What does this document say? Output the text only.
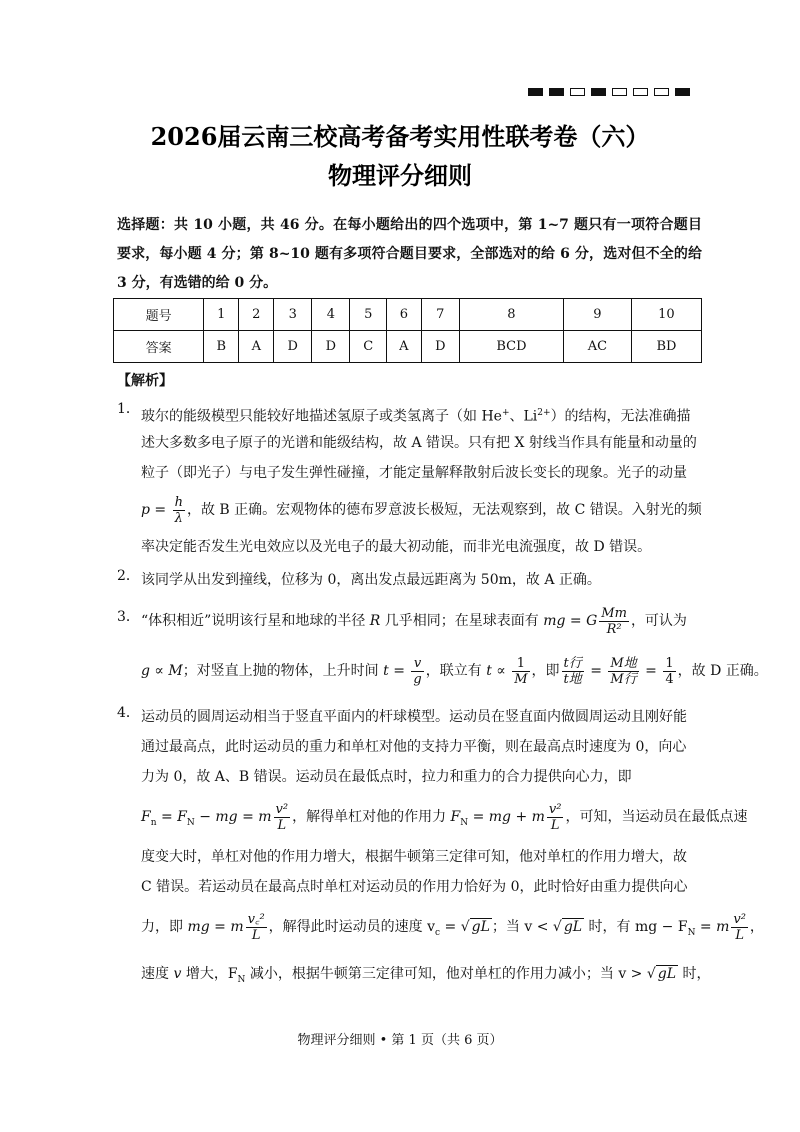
2026届云南三校高考备考实用性联考卷（六）
物理评分细则
选择题：共 10 小题，共 46 分。在每小题给出的四个选项中，第 1~7 题只有一项符合题目要求，每小题 4 分；第 8~10 题有多项符合题目要求，全部选对的给 6 分，选对但不全的给 3 分，有选错的给 0 分。
题号	1	2	3	4	5	6	7	8	9	10
答案	B	A	D	D	C	A	D	BCD	AC	BD
【解析】
1． 玻尔的能级模型只能较好地描述氢原子或类氢离子（如 He+、$Li^{2+}$）的结构，无法准确描
述大多数多电子原子的光谱和能级结构，故 A 错误。只有把 X 射线当作具有能量和动量的
粒子（即光子）与电子发生弹性碰撞，才能定量解释散射后波长变长的现象。光子的动量
$p = \frac{h}{\lambda}$ ，故 B 正确。宏观物体的德布罗意波长极短，无法观察到，故 C 错误。入射光的频
率决定能否发生光电效应以及光电子的最大初动能，而非光电流强度，故 D 错误。
2． 该同学从出发到撞线，位移为 0，离出发点最远距离为 50m，故 A 正确。
3． “体积相近”说明该行星和地球的半径 R 几乎相同；在星球表面有 mg = G $\frac{Mm}{\text{R²}}$ ，可认为
g ∝ M；对竖直上抛的物体，上升时间 $t = \frac{v}{g}$ ，联立有 $t \propto \frac{1}{M}$ ，即 $\frac{\text{t行}}{\text{t地}} = \frac{\text{M地}}{\text{M行}} = \frac{1}{4}$ ，故 D 正确。
4． 运动员的圆周运动相当于竖直平面内的杆球模型。运动员在竖直面内做圆周运动且刚好能
通过最高点，此时运动员的重力和单杠对他的支持力平衡，则在最高点时速度为 0，向心
力为 0，故 A、B 错误。运动员在最低点时，拉力和重力的合力提供向心力，即
$F_n = F_N$ − mg = m $\frac{\text{v²}}{L}$ ，解得单杠对他的作用力 $F_N$ = mg + m $\frac{\text{v²}}{L}$ ，可知，当运动员在最低点速
度变大时，单杠对他的作用力增大，根据牛顿第三定律可知，他对单杠的作用力增大，故
C 错误。若运动员在最高点时单杠对运动员的作用力恰好为 0，此时恰好由重力提供向心
力，即 mg = m $\frac{\text{v꜀²}}{L}$ ，解得此时运动员的速度 $v_c$ = √ gL ；当 v < √ gL 时，有 mg − $F_N = m \frac{\text{v²}}{L}$ ，
速度 v 增大，$F_N$ 减小，根据牛顿第三定律可知，他对单杠的作用力减小；当 v > √ gL 时，
物理评分细则 • 第 1 页（共 6 页）
